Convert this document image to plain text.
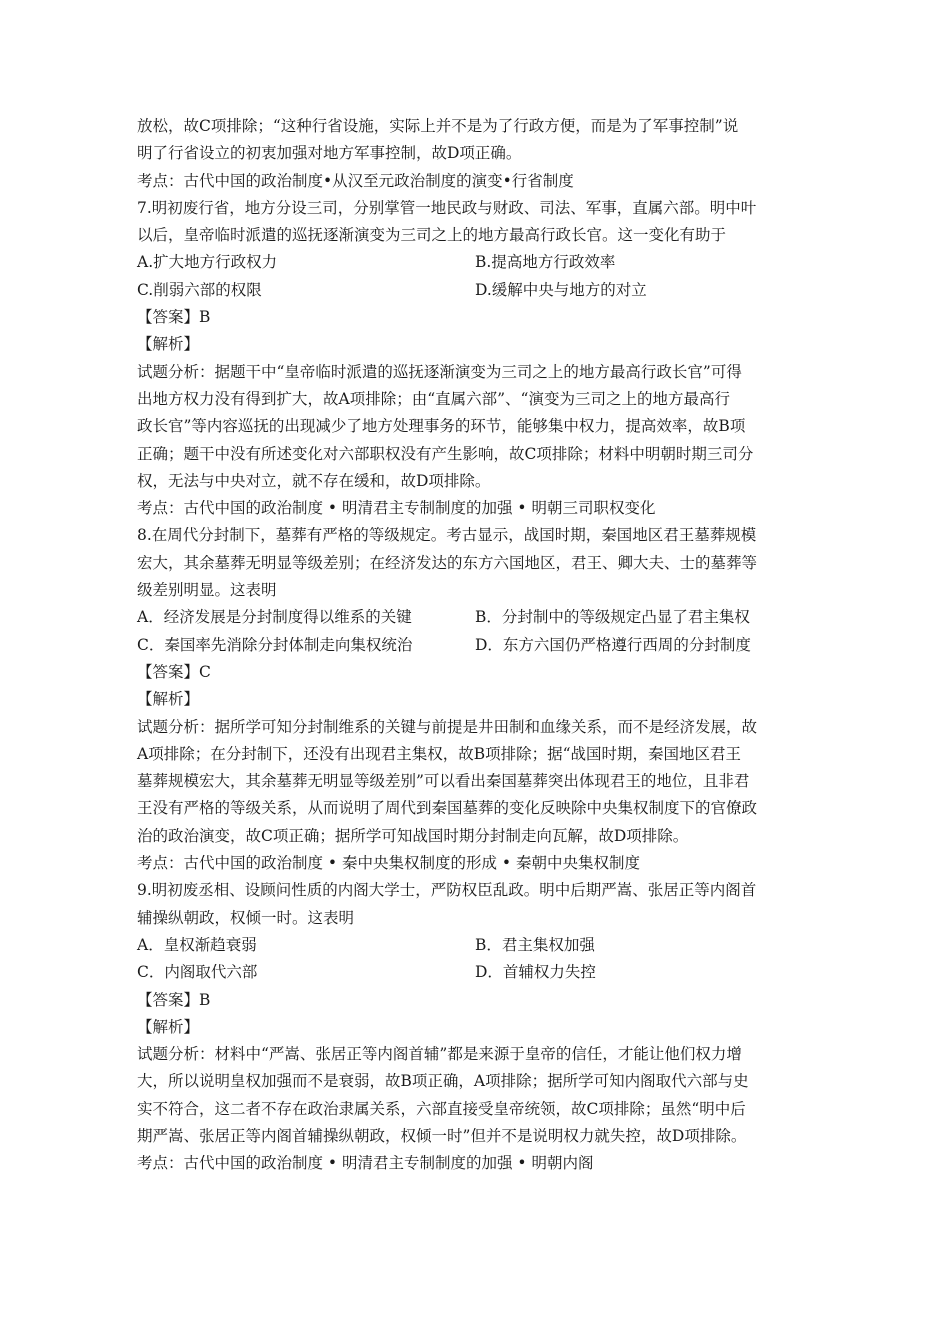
放松，故C项排除；“这种行省设施，实际上并不是为了行政方便，而是为了军事控制”说
明了行省设立的初衷加强对地方军事控制，故D项正确。
考点：古代中国的政治制度•从汉至元政治制度的演变•行省制度
7.明初废行省，地方分设三司，分别掌管一地民政与财政、司法、军事，直属六部。明中叶
以后，皇帝临时派遣的巡抚逐渐演变为三司之上的地方最高行政长官。这一变化有助于
A.扩大地方行政权力	B.提高地方行政效率
C.削弱六部的权限	D.缓解中央与地方的对立
【答案】B
【解析】
试题分析：据题干中“皇帝临时派遣的巡抚逐渐演变为三司之上的地方最高行政长官”可得
出地方权力没有得到扩大，故A项排除；由“直属六部”、“演变为三司之上的地方最高行
政长官”等内容巡抚的出现减少了地方处理事务的环节，能够集中权力，提高效率，故B项
正确；题干中没有所述变化对六部职权没有产生影响，故C项排除；材料中明朝时期三司分
权，无法与中央对立，就不存在缓和，故D项排除。
考点：古代中国的政治制度 • 明清君主专制制度的加强 • 明朝三司职权变化
8.在周代分封制下，墓葬有严格的等级规定。考古显示，战国时期，秦国地区君王墓葬规模
宏大，其余墓葬无明显等级差别；在经济发达的东方六国地区，君王、卿大夫、士的墓葬等
级差别明显。这表明
A．经济发展是分封制度得以维系的关键	B．分封制中的等级规定凸显了君主集权
C．秦国率先消除分封体制走向集权统治	D．东方六国仍严格遵行西周的分封制度
【答案】C
【解析】
试题分析：据所学可知分封制维系的关键与前提是井田制和血缘关系，而不是经济发展，故
A项排除；在分封制下，还没有出现君主集权，故B项排除；据“战国时期，秦国地区君王
墓葬规模宏大，其余墓葬无明显等级差别”可以看出秦国墓葬突出体现君王的地位，且非君
王没有严格的等级关系，从而说明了周代到秦国墓葬的变化反映除中央集权制度下的官僚政
治的政治演变，故C项正确；据所学可知战国时期分封制走向瓦解，故D项排除。
考点：古代中国的政治制度 • 秦中央集权制度的形成 • 秦朝中央集权制度
9.明初废丞相、设顾问性质的内阁大学士，严防权臣乱政。明中后期严嵩、张居正等内阁首
辅操纵朝政，权倾一时。这表明
A．皇权渐趋衰弱	B．君主集权加强
C．内阁取代六部	D．首辅权力失控
【答案】B
【解析】
试题分析：材料中“严嵩、张居正等内阁首辅”都是来源于皇帝的信任，才能让他们权力增
大，所以说明皇权加强而不是衰弱，故B项正确，A项排除；据所学可知内阁取代六部与史
实不符合，这二者不存在政治隶属关系，六部直接受皇帝统领，故C项排除；虽然“明中后
期严嵩、张居正等内阁首辅操纵朝政，权倾一时”但并不是说明权力就失控，故D项排除。
考点：古代中国的政治制度 • 明清君主专制制度的加强 • 明朝内阁
